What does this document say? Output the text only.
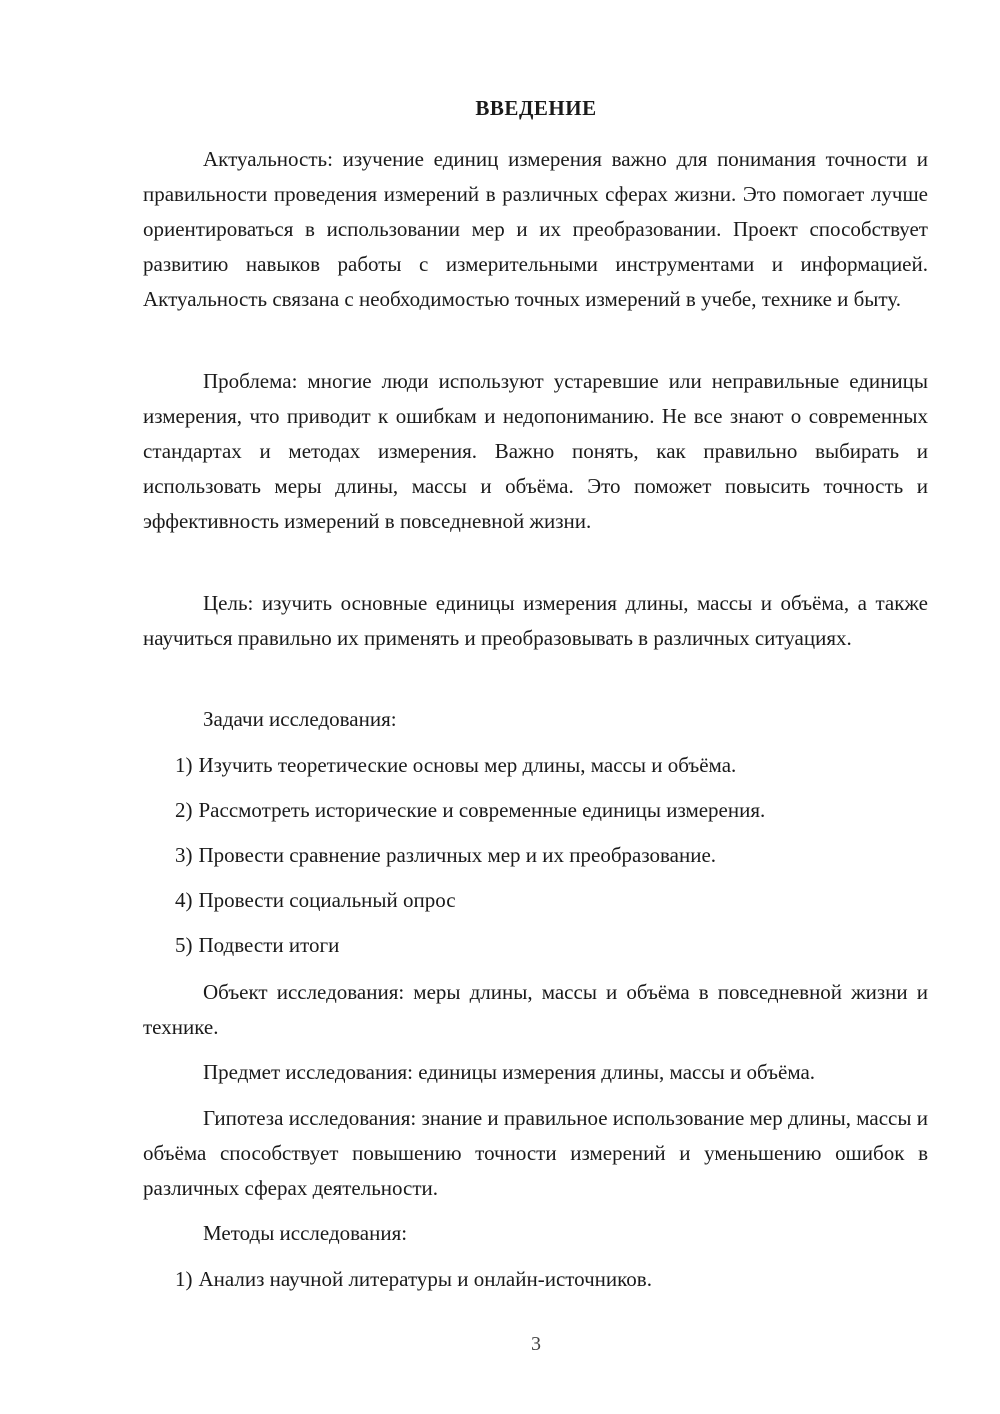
ВВЕДЕНИЕ

Актуальность: изучение единиц измерения важно для понимания точности и правильности проведения измерений в различных сферах жизни. Это помогает лучше ориентироваться в использовании мер и их преобразовании. Проект способствует развитию навыков работы с измерительными инструментами и информацией. Актуальность связана с необходимостью точных измерений в учебе, технике и быту.

Проблема: многие люди используют устаревшие или неправильные единицы измерения, что приводит к ошибкам и недопониманию. Не все знают о современных стандартах и методах измерения. Важно понять, как правильно выбирать и использовать меры длины, массы и объёма. Это поможет повысить точность и эффективность измерений в повседневной жизни.

Цель: изучить основные единицы измерения длины, массы и объёма, а также научиться правильно их применять и преобразовывать в различных ситуациях.

Задачи исследования:

1) Изучить теоретические основы мер длины, массы и объёма.

2) Рассмотреть исторические и современные единицы измерения.

3) Провести сравнение различных мер и их преобразование.

4) Провести социальный опрос

5) Подвести итоги

Объект исследования: меры длины, массы и объёма в повседневной жизни и технике.

Предмет исследования: единицы измерения длины, массы и объёма.

Гипотеза исследования: знание и правильное использование мер длины, массы и объёма способствует повышению точности измерений и уменьшению ошибок в различных сферах деятельности.

Методы исследования:

1) Анализ научной литературы и онлайн-источников.

3
